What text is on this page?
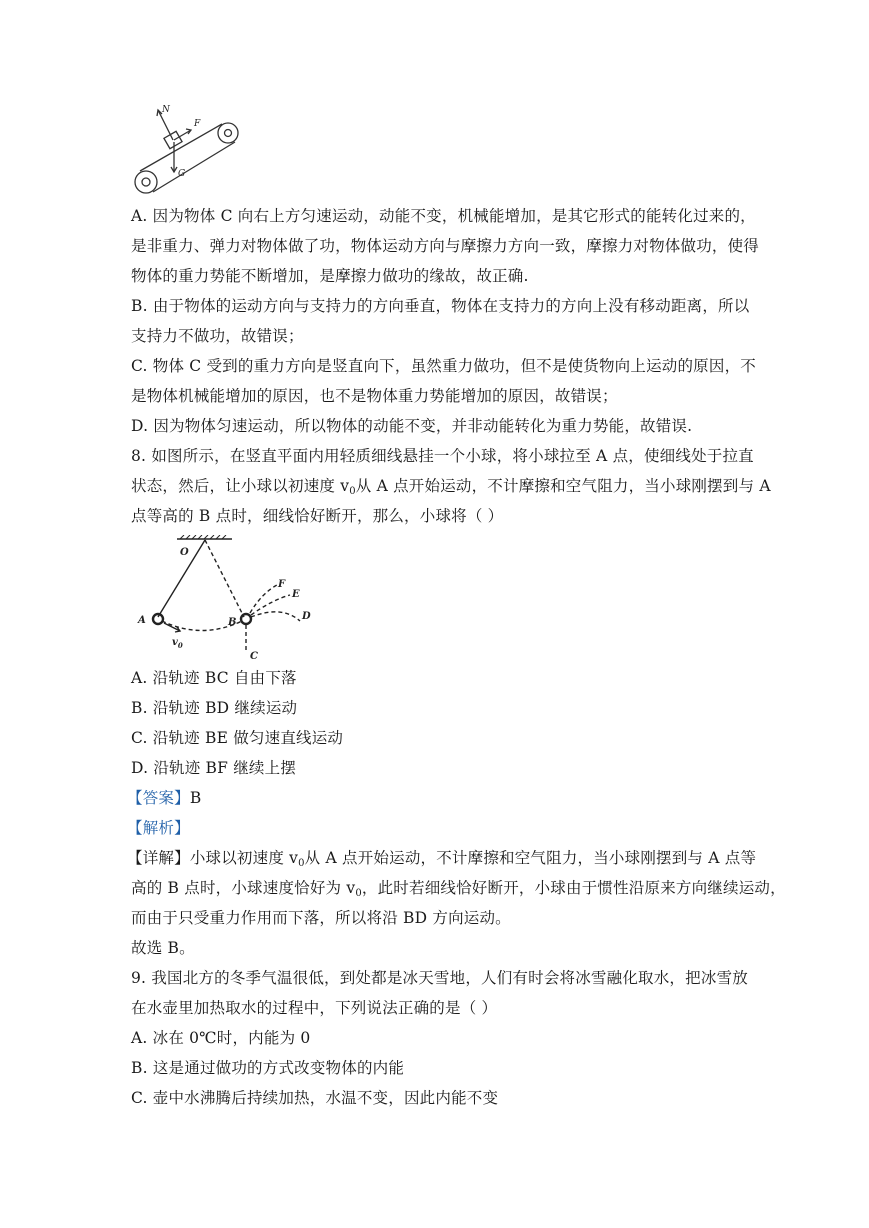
N
F
G
A. 因为物体 C 向右上方匀速运动，动能不变，机械能增加，是其它形式的能转化过来的，
是非重力、弹力对物体做了功，物体运动方向与摩擦力方向一致，摩擦力对物体做功，使得
物体的重力势能不断增加，是摩擦力做功的缘故，故正确.
B. 由于物体的运动方向与支持力的方向垂直，物体在支持力的方向上没有移动距离，所以
支持力不做功，故错误；
C. 物体 C 受到的重力方向是竖直向下，虽然重力做功，但不是使货物向上运动的原因，不
是物体机械能增加的原因，也不是物体重力势能增加的原因，故错误；
D. 因为物体匀速运动，所以物体的动能不变，并非动能转化为重力势能，故错误.
8. 如图所示，在竖直平面内用轻质细线悬挂一个小球，将小球拉至 A 点，使细线处于拉直
状态，然后，让小球以初速度 $v_0$从 A 点开始运动，不计摩擦和空气阻力，当小球刚摆到与 A
点等高的 B 点时，细线恰好断开，那么，小球将（ ）
O
A	B
C
D
E
F
$v_0$
A. 沿轨迹 BC 自由下落
B. 沿轨迹 BD 继续运动
C. 沿轨迹 BE 做匀速直线运动
D. 沿轨迹 BF 继续上摆
【答案】B
【解析】
【详解】小球以初速度 $v_0$从 A 点开始运动，不计摩擦和空气阻力，当小球刚摆到与 A 点等
高的 B 点时，小球速度恰好为 $v_0$，此时若细线恰好断开，小球由于惯性沿原来方向继续运动，
而由于只受重力作用而下落，所以将沿 BD 方向运动。
故选 B。
9. 我国北方的冬季气温很低，到处都是冰天雪地，人们有时会将冰雪融化取水，把冰雪放
在水壶里加热取水的过程中，下列说法正确的是（ ）
A. 冰在 0℃时，内能为 0
B. 这是通过做功的方式改变物体的内能
C. 壶中水沸腾后持续加热，水温不变，因此内能不变
